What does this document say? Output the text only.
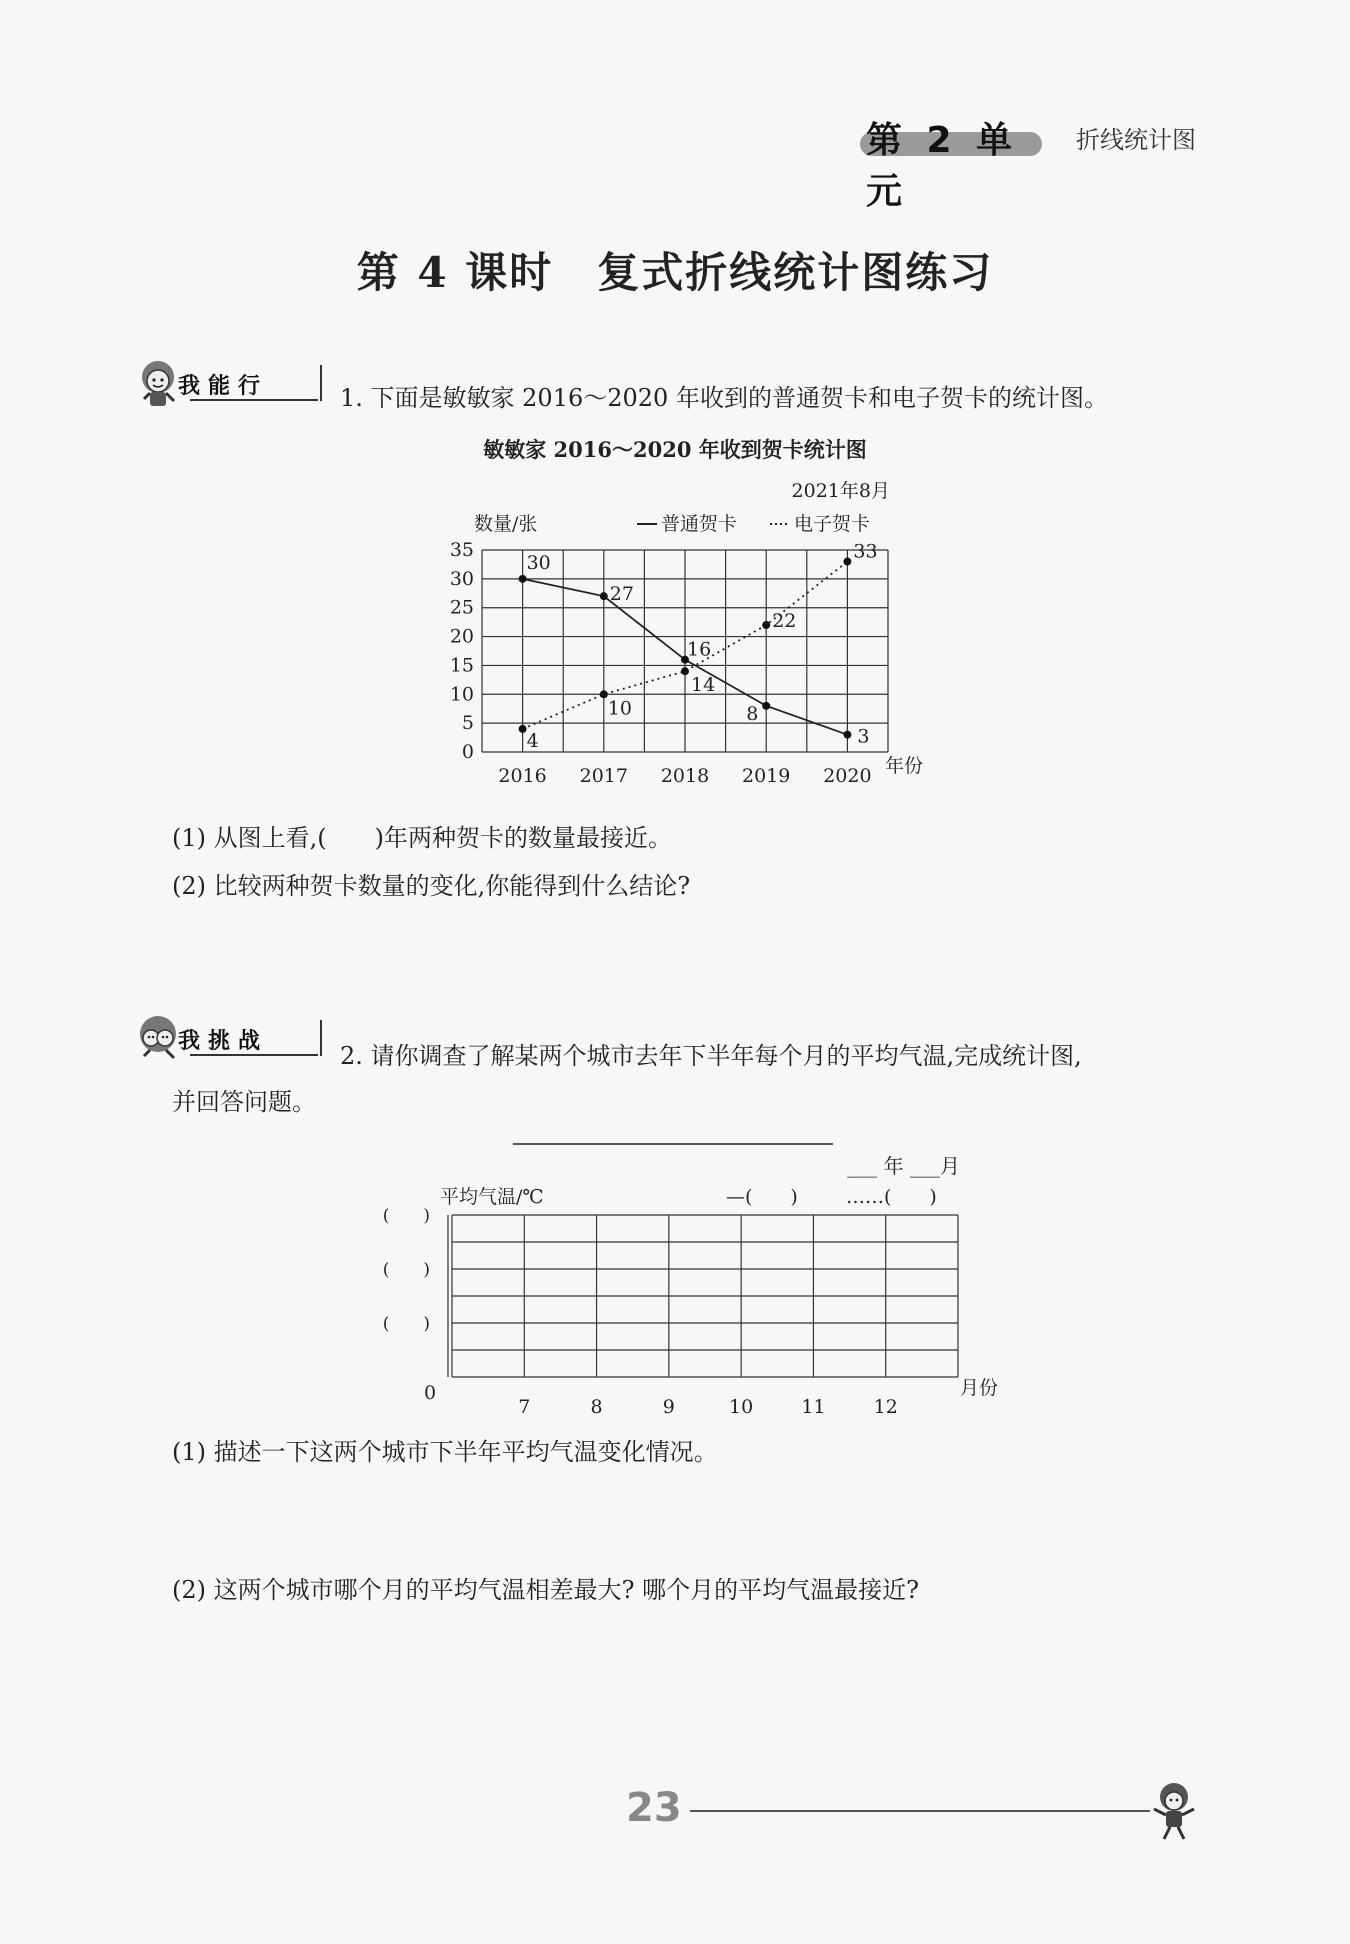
第 2 单元
折线统计图
第 4 课时　复式折线统计图练习
我能行	1. 下面是敏敏家 2016～2020 年收到的普通贺卡和电子贺卡的统计图。
敏敏家 2016～2020 年收到贺卡统计图
2021年8月
数量/张	普通贺卡	电子贺卡
0
5
10
15
20
25
30
35
2016 2017 2018 2019 2020
30
27
16
8
3
4
10
14
22
33
年份
(1) 从图上看,(　　)年两种贺卡的数量最接近。
(2) 比较两种贺卡数量的变化,你能得到什么结论?
我挑战
2. 请你调查了解某两个城市去年下半年每个月的平均气温,完成统计图,
并回答问题。
___ 年 ___月
平均气温/℃	—(　　)	……(　　)
7	8	9	10	11	12
0
(　　)
(　　)
(　　)
月份
(1) 描述一下这两个城市下半年平均气温变化情况。
(2) 这两个城市哪个月的平均气温相差最大? 哪个月的平均气温最接近?
23
